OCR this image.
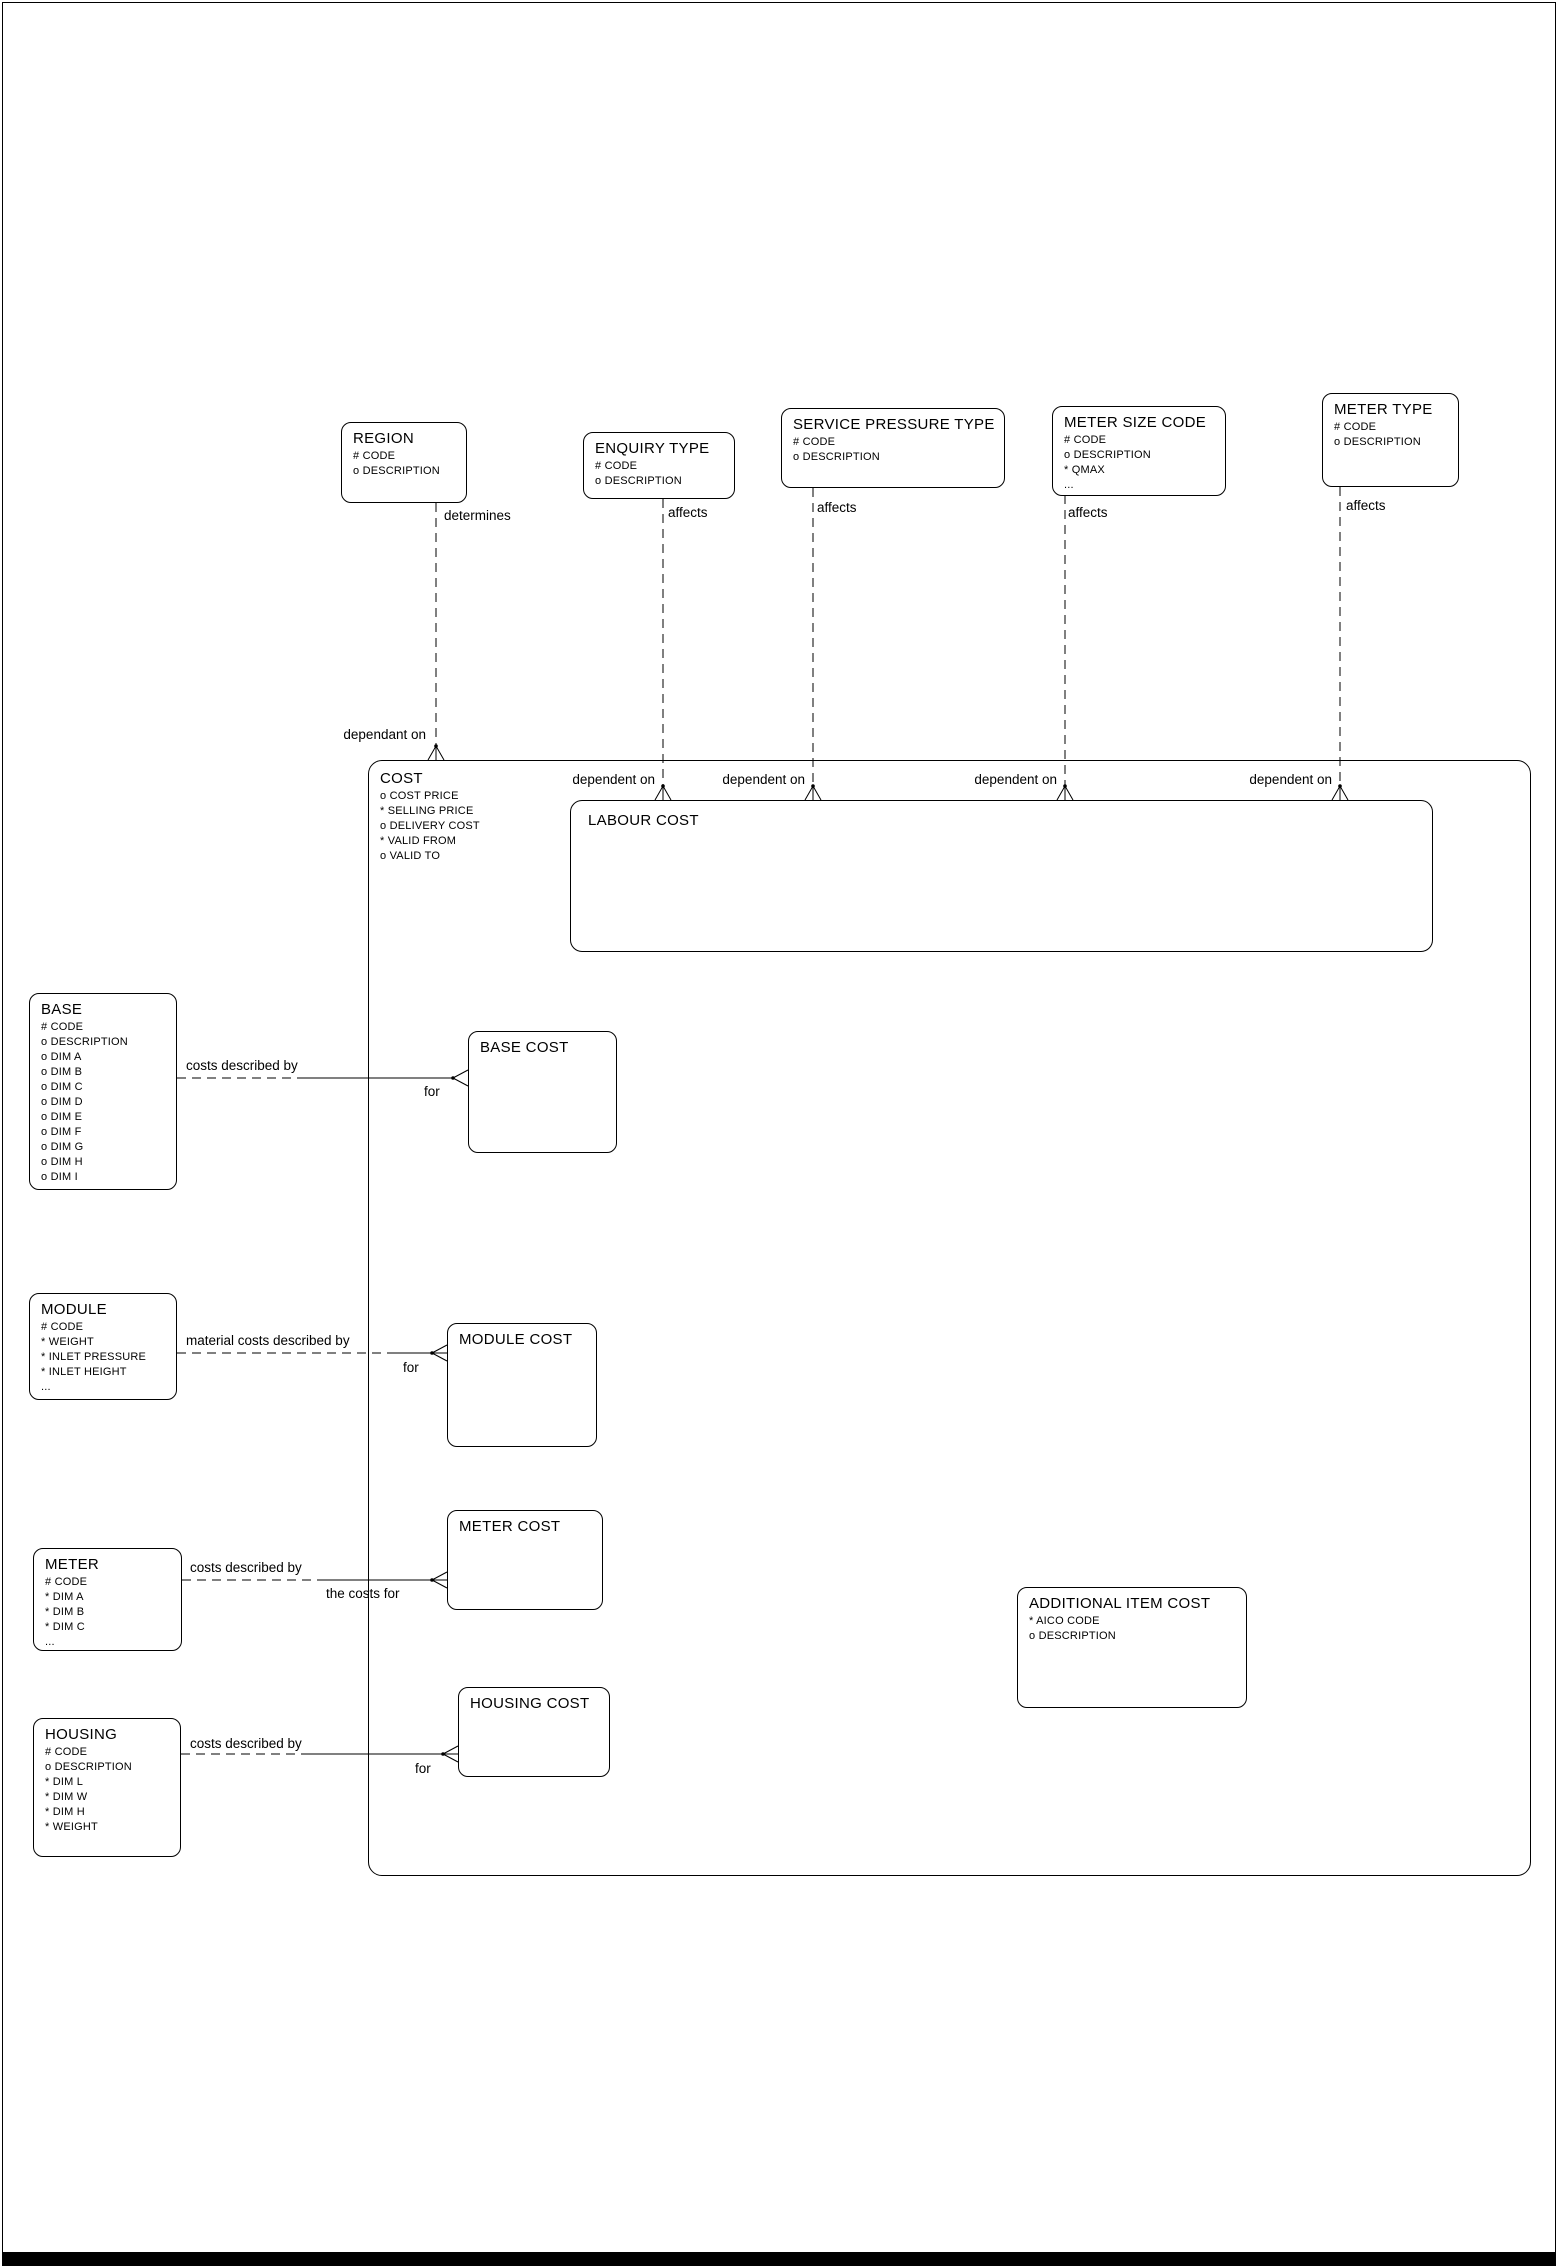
COST
o COST PRICE
* SELLING PRICE
o DELIVERY COST
* VALID FROM
o VALID TO
LABOUR COST
REGION
# CODE
o DESCRIPTION
ENQUIRY TYPE
# CODE
o DESCRIPTION
SERVICE PRESSURE TYPE
# CODE
o DESCRIPTION
METER SIZE CODE
# CODE
o DESCRIPTION
* QMAX
...
METER TYPE
# CODE
o DESCRIPTION
BASE
# CODE
o DESCRIPTION
o DIM A
o DIM B
o DIM C
o DIM D
o DIM E
o DIM F
o DIM G
o DIM H
o DIM I
MODULE
# CODE
* WEIGHT
* INLET PRESSURE
* INLET HEIGHT
...
METER
# CODE
* DIM A
* DIM B
* DIM C
...
HOUSING
# CODE
o DESCRIPTION
* DIM L
* DIM W
* DIM H
* WEIGHT
BASE COST
MODULE COST
METER COST
HOUSING COST
ADDITIONAL ITEM COST
* AICO CODE
o DESCRIPTION
determines
dependant on
affects
dependent on
affects
dependent on
affects
dependent on
affects
dependent on
costs described by
for
material costs described by
for
costs described by
the costs for
costs described by
for
